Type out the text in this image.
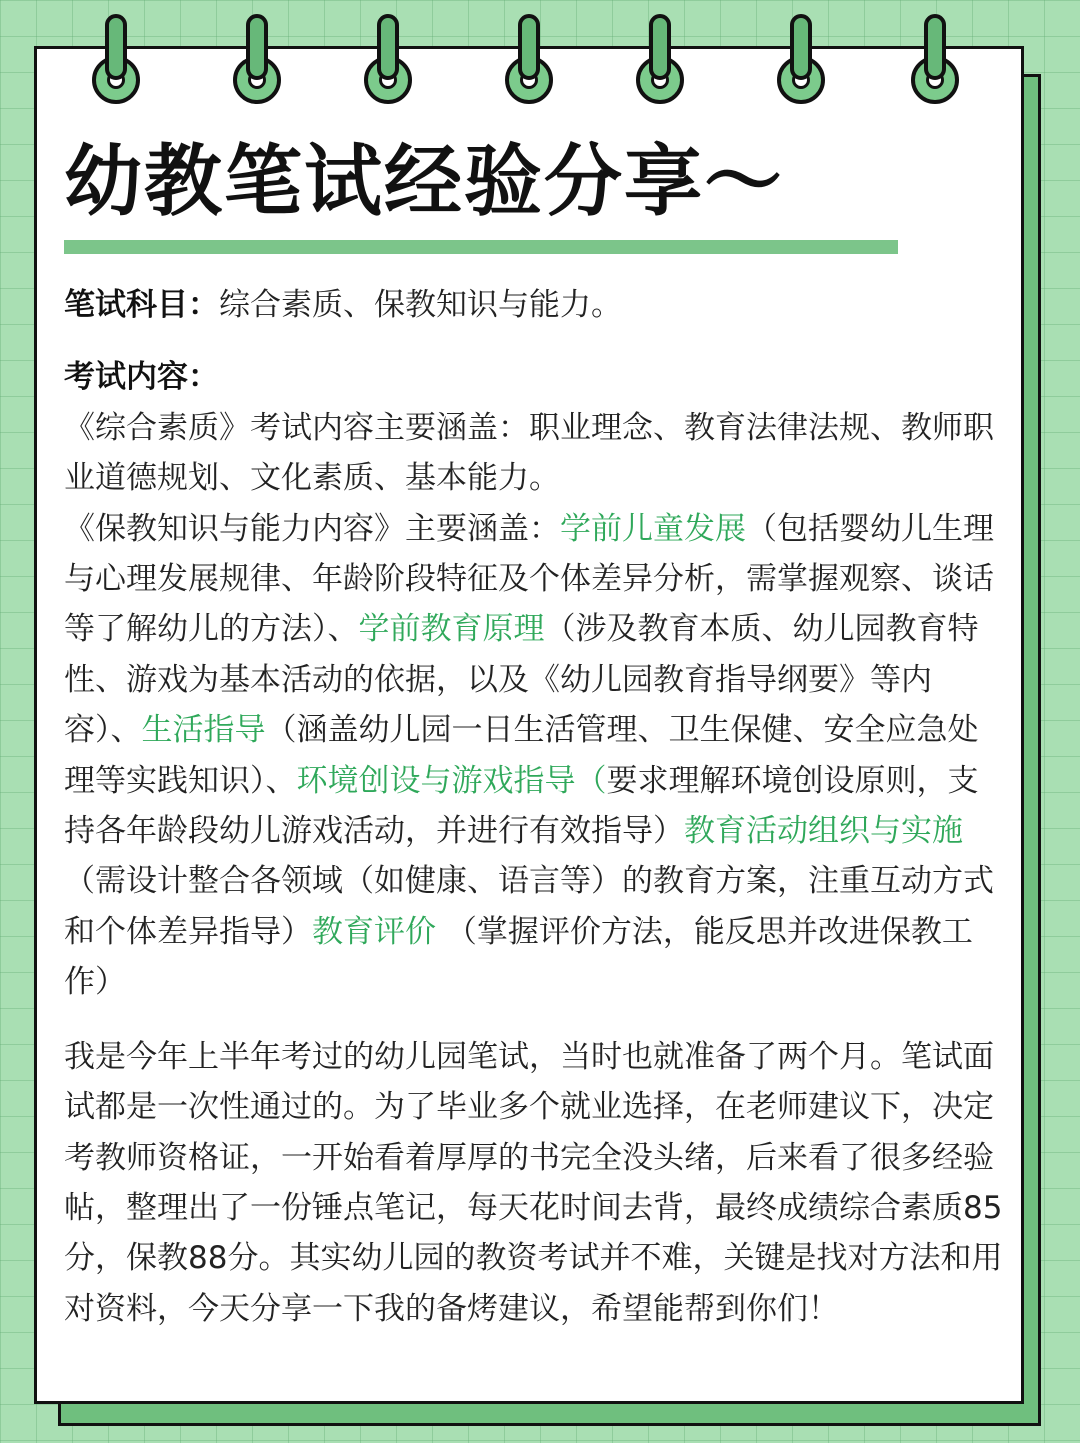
幼教笔试经验分享～

笔试科目：综合素质、保教知识与能力。

考试内容：

《综合素质》考试内容主要涵盖：职业理念、教育法律法规、教师职业道德规划、文化素质、基本能力。

《保教知识与能力内容》主要涵盖：学前儿童发展（包括婴幼儿生理与心理发展规律、年龄阶段特征及个体差异分析，需掌握观察、谈话等了解幼儿的方法）、学前教育原理（涉及教育本质、幼儿园教育特性、游戏为基本活动的依据，以及《幼儿园教育指导纲要》等内容）、生活指导（涵盖幼儿园一日生活管理、卫生保健、安全应急处理等实践知识）、环境创设与游戏指导（要求理解环境创设原则，支持各年龄段幼儿游戏活动，并进行有效指导）教育活动组织与实施（需设计整合各领域（如健康、语言等）的教育方案，注重互动方式和个体差异指导）教育评价 （掌握评价方法，能反思并改进保教工作）

我是今年上半年考过的幼儿园笔试，当时也就准备了两个月。笔试面试都是一次性通过的。为了毕业多个就业选择，在老师建议下，决定考教师资格证，一开始看着厚厚的书完全没头绪，后来看了很多经验帖，整理出了一份锤点笔记，每天花时间去背，最终成绩综合素质85分，保教88分。其实幼儿园的教资考试并不难，关键是找对方法和用对资料，今天分享一下我的备烤建议，希望能帮到你们！
